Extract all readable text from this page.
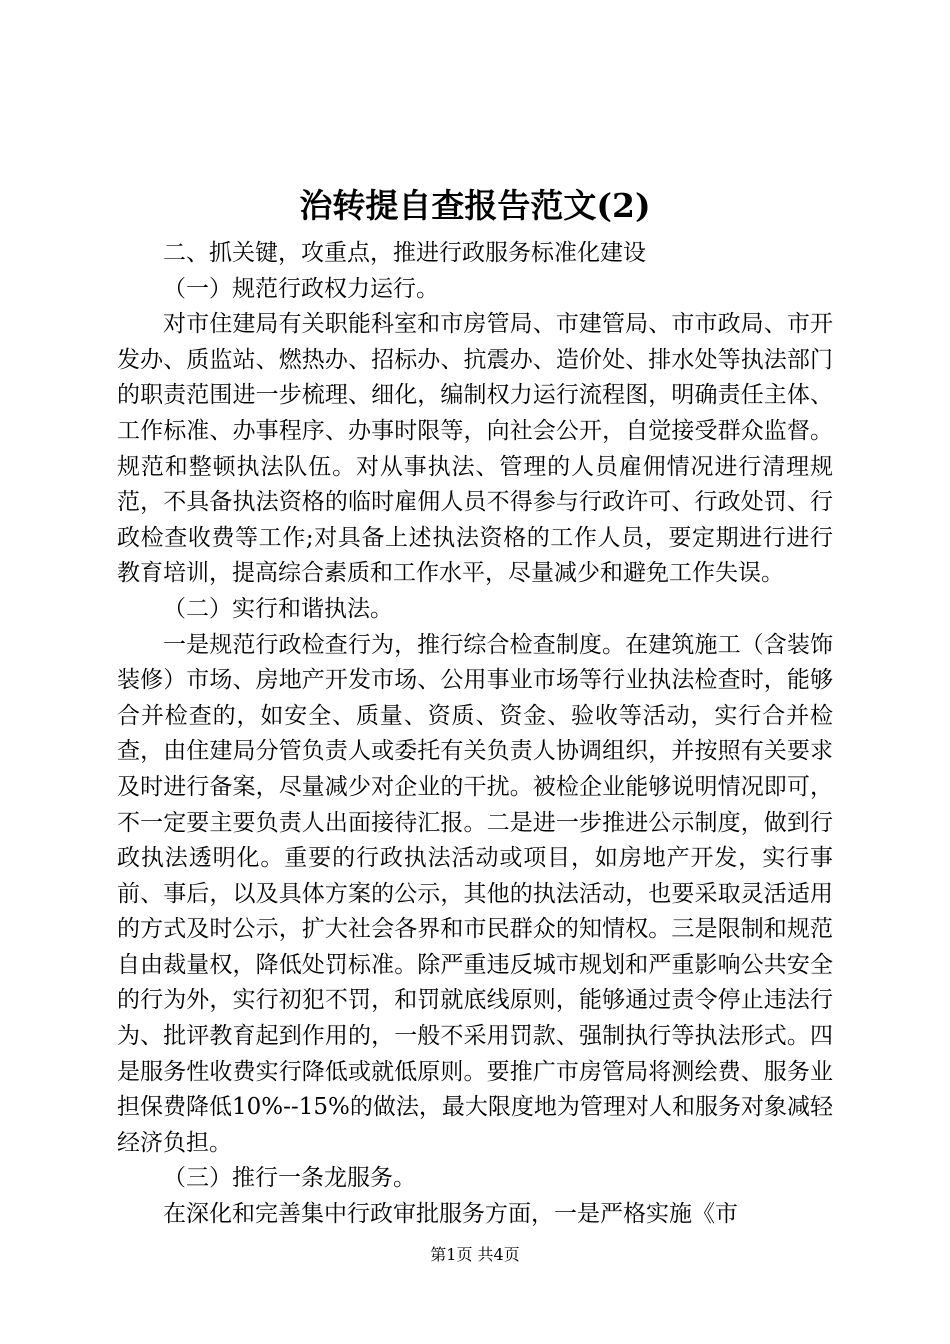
治转提自查报告范文(2)

二、抓关键，攻重点，推进行政服务标准化建设

（一）规范行政权力运行。

对市住建局有关职能科室和市房管局、市建管局、市市政局、市开发办、质监站、燃热办、招标办、抗震办、造价处、排水处等执法部门的职责范围进一步梳理、细化，编制权力运行流程图，明确责任主体、工作标准、办事程序、办事时限等，向社会公开，自觉接受群众监督。规范和整顿执法队伍。对从事执法、管理的人员雇佣情况进行清理规范，不具备执法资格的临时雇佣人员不得参与行政许可、行政处罚、行政检查收费等工作;对具备上述执法资格的工作人员，要定期进行进行教育培训，提高综合素质和工作水平，尽量减少和避免工作失误。

（二）实行和谐执法。

一是规范行政检查行为，推行综合检查制度。在建筑施工（含装饰装修）市场、房地产开发市场、公用事业市场等行业执法检查时，能够合并检查的，如安全、质量、资质、资金、验收等活动，实行合并检查，由住建局分管负责人或委托有关负责人协调组织，并按照有关要求及时进行备案，尽量减少对企业的干扰。被检企业能够说明情况即可，不一定要主要负责人出面接待汇报。二是进一步推进公示制度，做到行政执法透明化。重要的行政执法活动或项目，如房地产开发，实行事前、事后，以及具体方案的公示，其他的执法活动，也要采取灵活适用的方式及时公示，扩大社会各界和市民群众的知情权。三是限制和规范自由裁量权，降低处罚标准。除严重违反城市规划和严重影响公共安全的行为外，实行初犯不罚，和罚就底线原则，能够通过责令停止违法行为、批评教育起到作用的，一般不采用罚款、强制执行等执法形式。四是服务性收费实行降低或就低原则。要推广市房管局将测绘费、服务业担保费降低10%--15%的做法，最大限度地为管理对人和服务对象减轻经济负担。

（三）推行一条龙服务。

在深化和完善集中行政审批服务方面，一是严格实施《市

第1页 共4页
